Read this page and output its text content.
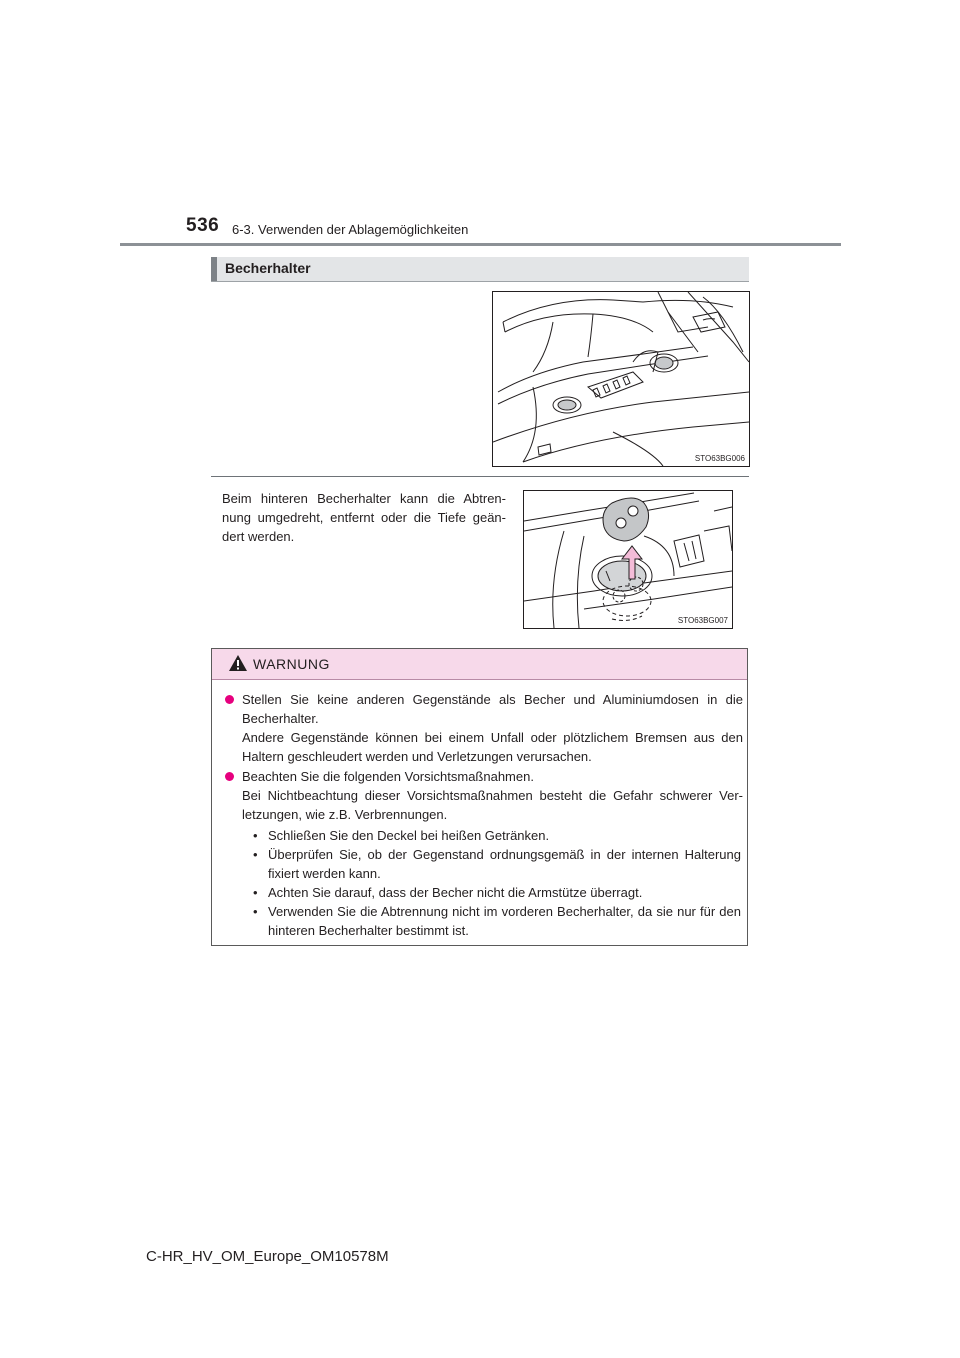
536 6-3. Verwenden der Ablagemöglichkeiten
Becherhalter
STO63BG006

Beim hinteren Becherhalter kann die Abtren-nung umgedreht, entfernt oder die Tiefe geän-dert werden.

STO63BG007
WARNUNG

Stellen Sie keine anderen Gegenstände als Becher und Aluminiumdosen in die Becherhalter.

Andere Gegenstände können bei einem Unfall oder plötzlichem Bremsen aus den Haltern geschleudert werden und Verletzungen verursachen.

Beachten Sie die folgenden Vorsichtsmaßnahmen.

Bei Nichtbeachtung dieser Vorsichtsmaßnahmen besteht die Gefahr schwerer Ver-letzungen, wie z.B. Verbrennungen.

• Schließen Sie den Deckel bei heißen Getränken.

• Überprüfen Sie, ob der Gegenstand ordnungsgemäß in der internen Halterung fixiert werden kann.

• Achten Sie darauf, dass der Becher nicht die Armstütze überragt.

• Verwenden Sie die Abtrennung nicht im vorderen Becherhalter, da sie nur für den hinteren Becherhalter bestimmt ist.

C-HR_HV_OM_Europe_OM10578M
